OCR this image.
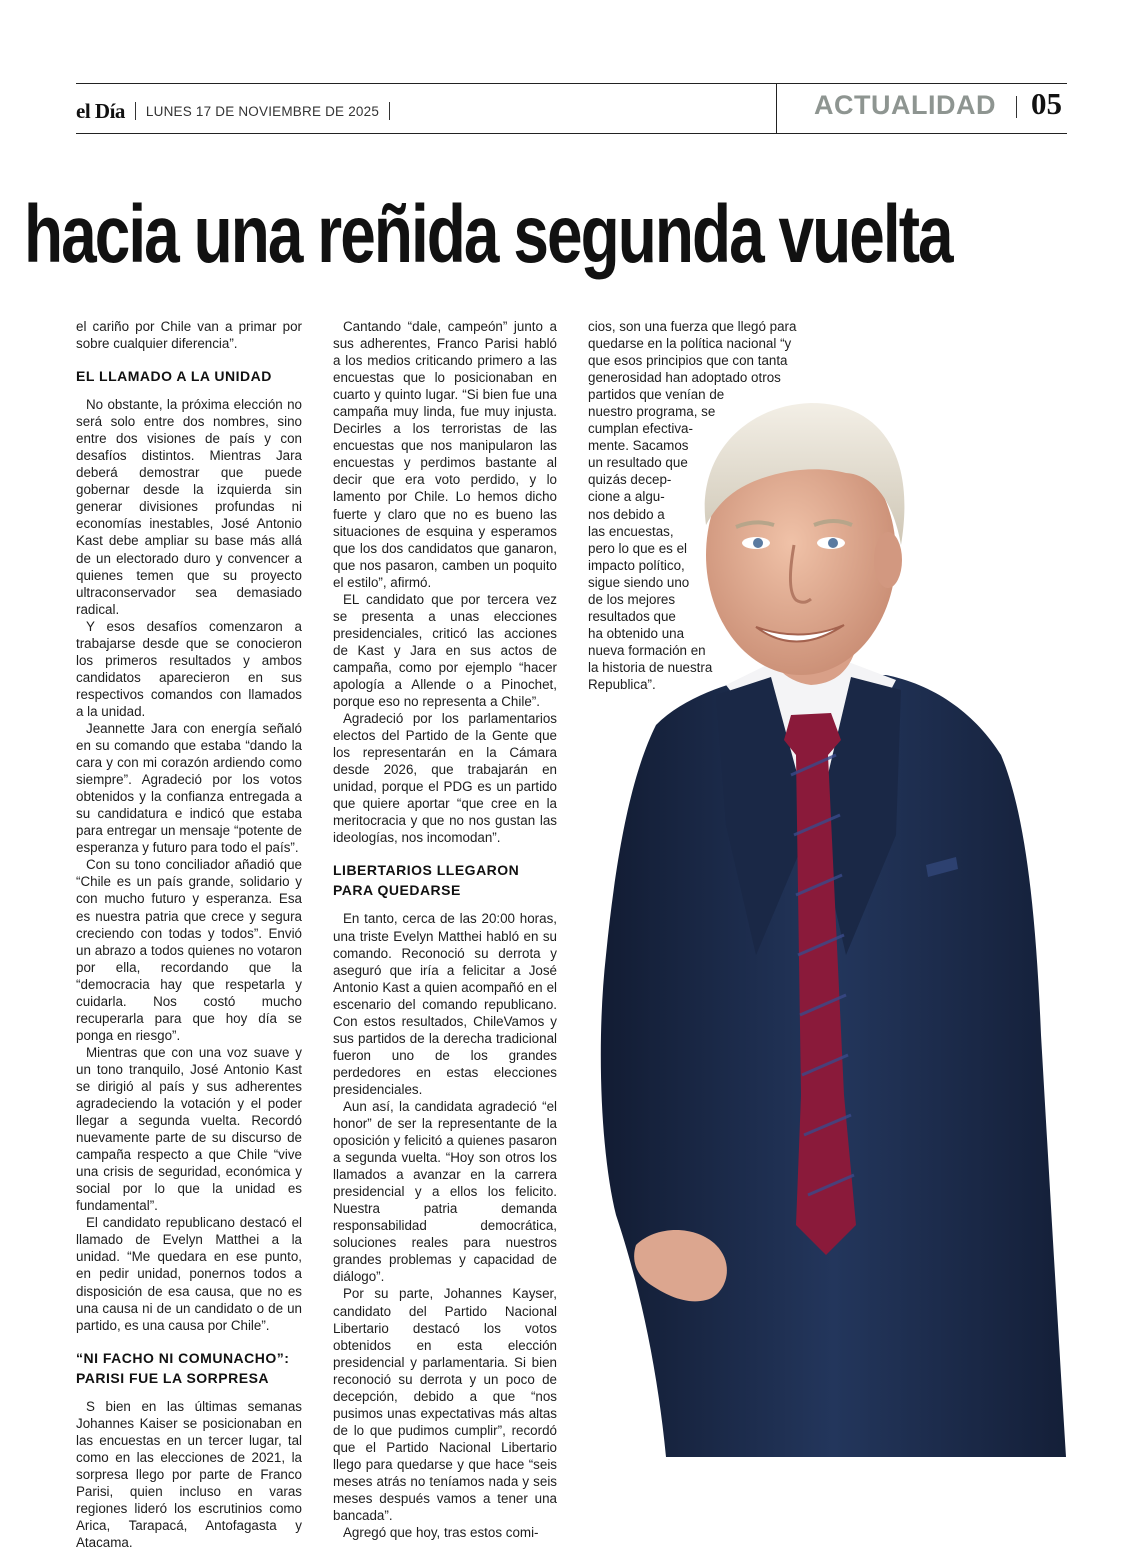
el Día LUNES 17 DE NOVIEMBRE DE 2025	ACTUALIDAD 05
hacia una reñida segunda vuelta

el cariño por Chile van a primar por sobre cualquier diferencia”.

EL LLAMADO A LA UNIDAD

No obstante, la próxima elección no será solo entre dos nombres, sino entre dos visiones de país y con desafíos distintos. Mientras Jara deberá demostrar que puede gobernar desde la izquierda sin generar divisiones profundas ni economías inestables, José Antonio Kast debe ampliar su base más allá de un electorado duro y convencer a quienes temen que su proyecto ultraconservador sea demasiado radical.

Y esos desafíos comenzaron a trabajarse desde que se conocieron los primeros resultados y ambos candidatos aparecieron en sus respectivos comandos con llamados a la unidad.

Jeannette Jara con energía señaló en su comando que estaba “dando la cara y con mi corazón ardiendo como siempre”. Agradeció por los votos obtenidos y la confianza entregada a su candidatura e indicó que estaba para entregar un mensaje “potente de esperanza y futuro para todo el país”.

Con su tono conciliador añadió que “Chile es un país grande, solidario y con mucho futuro y esperanza. Esa es nuestra patria que crece y segura creciendo con todas y todos”. Envió un abrazo a todos quienes no votaron por ella, recordando que la “democracia hay que respetarla y cuidarla. Nos costó mucho recuperarla para que hoy día se ponga en riesgo”.

Mientras que con una voz suave y un tono tranquilo, José Antonio Kast se dirigió al país y sus adherentes agradeciendo la votación y el poder llegar a segunda vuelta. Recordó nuevamente parte de su discurso de campaña respecto a que Chile “vive una crisis de seguridad, económica y social por lo que la unidad es fundamental”.

El candidato republicano destacó el llamado de Evelyn Matthei a la unidad. “Me quedara en ese punto, en pedir unidad, ponernos todos a disposición de esa causa, que no es una causa ni de un candidato o de un partido, es una causa por Chile”.

“NI FACHO NI COMUNACHO”:
PARISI FUE LA SORPRESA

S bien en las últimas semanas Johannes Kaiser se posicionaban en las encuestas en un tercer lugar, tal como en las elecciones de 2021, la sorpresa llego por parte de Franco Parisi, quien incluso en varas regiones lideró los escrutinios como Arica, Tarapacá, Antofagasta y Atacama.

Cantando “dale, campeón” junto a sus adherentes, Franco Parisi habló a los medios criticando primero a las encuestas que lo posicionaban en cuarto y quinto lugar. “Si bien fue una campaña muy linda, fue muy injusta. Decirles a los terroristas de las encuestas que nos manipularon las encuestas y perdimos bastante al decir que era voto perdido, y lo lamento por Chile. Lo hemos dicho fuerte y claro que no es bueno las situaciones de esquina y esperamos que los dos candidatos que ganaron, que nos pasaron, camben un poquito el estilo”, afirmó.

EL candidato que por tercera vez se presenta a unas elecciones presidenciales, criticó las acciones de Kast y Jara en sus actos de campaña, como por ejemplo “hacer apología a Allende o a Pinochet, porque eso no representa a Chile”.

Agradeció por los parlamentarios electos del Partido de la Gente que los representarán en la Cámara desde 2026, que trabajarán en unidad, porque el PDG es un partido que quiere aportar “que cree en la meritocracia y que no nos gustan las ideologías, nos incomodan”.

LIBERTARIOS LLEGARON
PARA QUEDARSE

En tanto, cerca de las 20:00 horas, una triste Evelyn Matthei habló en su comando. Reconoció su derrota y aseguró que iría a felicitar a José Antonio Kast a quien acompañó en el escenario del comando republicano. Con estos resultados, ChileVamos y sus partidos de la derecha tradicional fueron uno de los grandes perdedores en estas elecciones presidenciales.

Aun así, la candidata agradeció “el honor” de ser la representante de la oposición y felicitó a quienes pasaron a segunda vuelta. “Hoy son otros los llamados a avanzar en la carrera presidencial y a ellos los felicito. Nuestra patria demanda responsabilidad democrática, soluciones reales para nuestros grandes problemas y capacidad de diálogo”.

Por su parte, Johannes Kayser, candidato del Partido Nacional Libertario destacó los votos obtenidos en esta elección presidencial y parlamentaria. Si bien reconoció su derrota y un poco de decepción, debido a que “nos pusimos unas expectativas más altas de lo que pudimos cumplir”, recordó que el Partido Nacional Libertario llego para quedarse y que hace “seis meses atrás no teníamos nada y seis meses después vamos a tener una bancada”.

Agregó que hoy, tras estos comi-

cios, son una fuerza que llegó para
quedarse en la política nacional “y
que esos principios que con tanta
generosidad han adoptado otros
partidos que venían de
nuestro programa, se
cumplan efectiva-
mente. Sacamos
un resultado que
quizás decep-
cione a algu-
nos debido a
las encuestas,
pero lo que es el
impacto político,
sigue siendo uno
de los mejores
resultados que
ha obtenido una
nueva formación en
la historia de nuestra
Republica”.
